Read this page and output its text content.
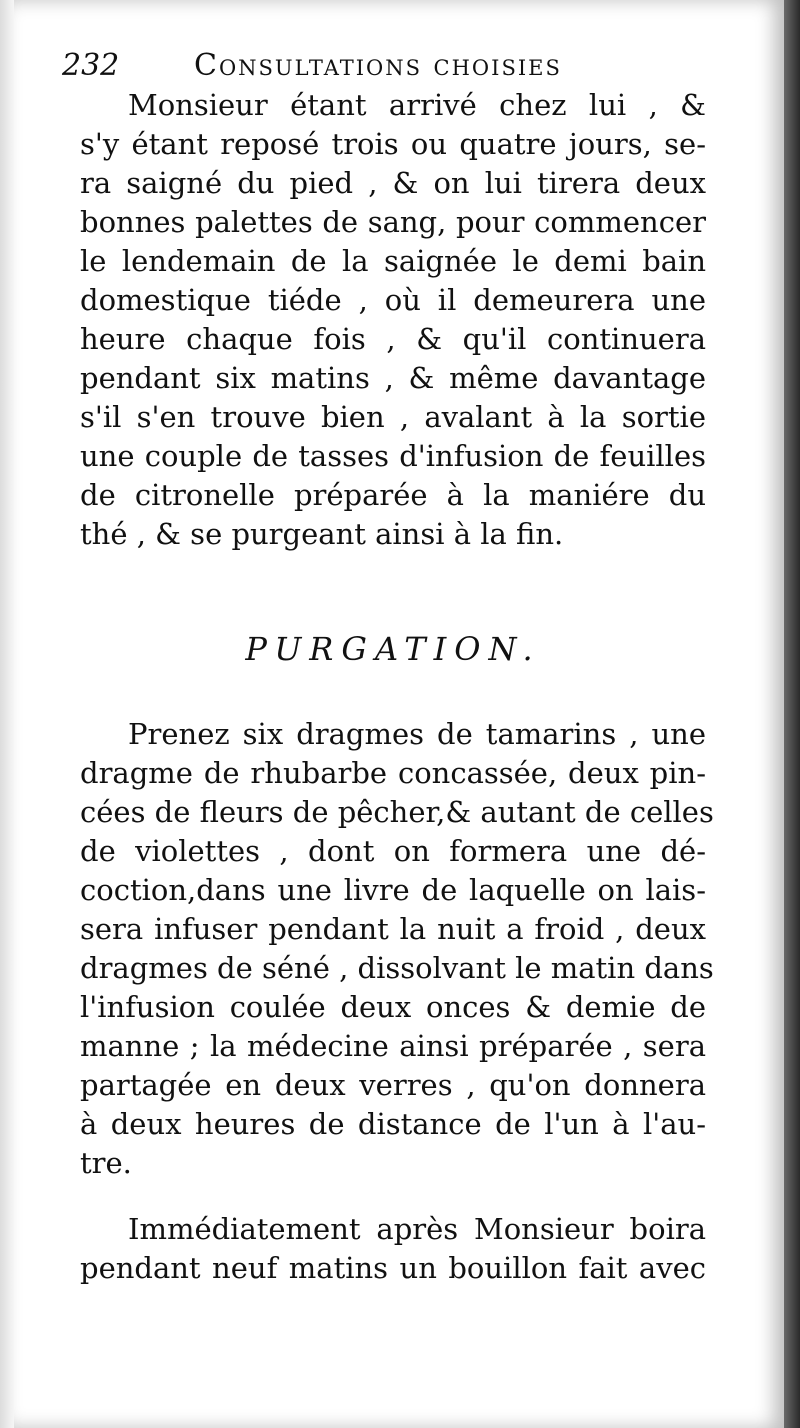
232 Consultations choisies
Monsieur étant arrivé chez lui , &
s'y étant reposé trois ou quatre jours, se-
ra saigné du pied , & on lui tirera deux
bonnes palettes de sang, pour commencer
le lendemain de la saignée le demi bain
domestique tiéde , où il demeurera une
heure chaque fois , & qu'il continuera
pendant six matins , & même davantage
s'il s'en trouve bien , avalant à la sortie
une couple de tasses d'infusion de feuilles
de citronelle préparée à la maniére du
thé , & se purgeant ainsi à la fin.
PURGATION.
Prenez six dragmes de tamarins , une
dragme de rhubarbe concassée, deux pin-
cées de fleurs de pêcher,& autant de celles
de violettes , dont on formera une dé-
coction,dans une livre de laquelle on lais-
sera infuser pendant la nuit a froid , deux
dragmes de séné , dissolvant le matin dans
l'infusion coulée deux onces & demie de
manne ; la médecine ainsi préparée , sera
partagée en deux verres , qu'on donnera
à deux heures de distance de l'un à l'au-
tre.
Immédiatement après Monsieur boira
pendant neuf matins un bouillon fait avec
